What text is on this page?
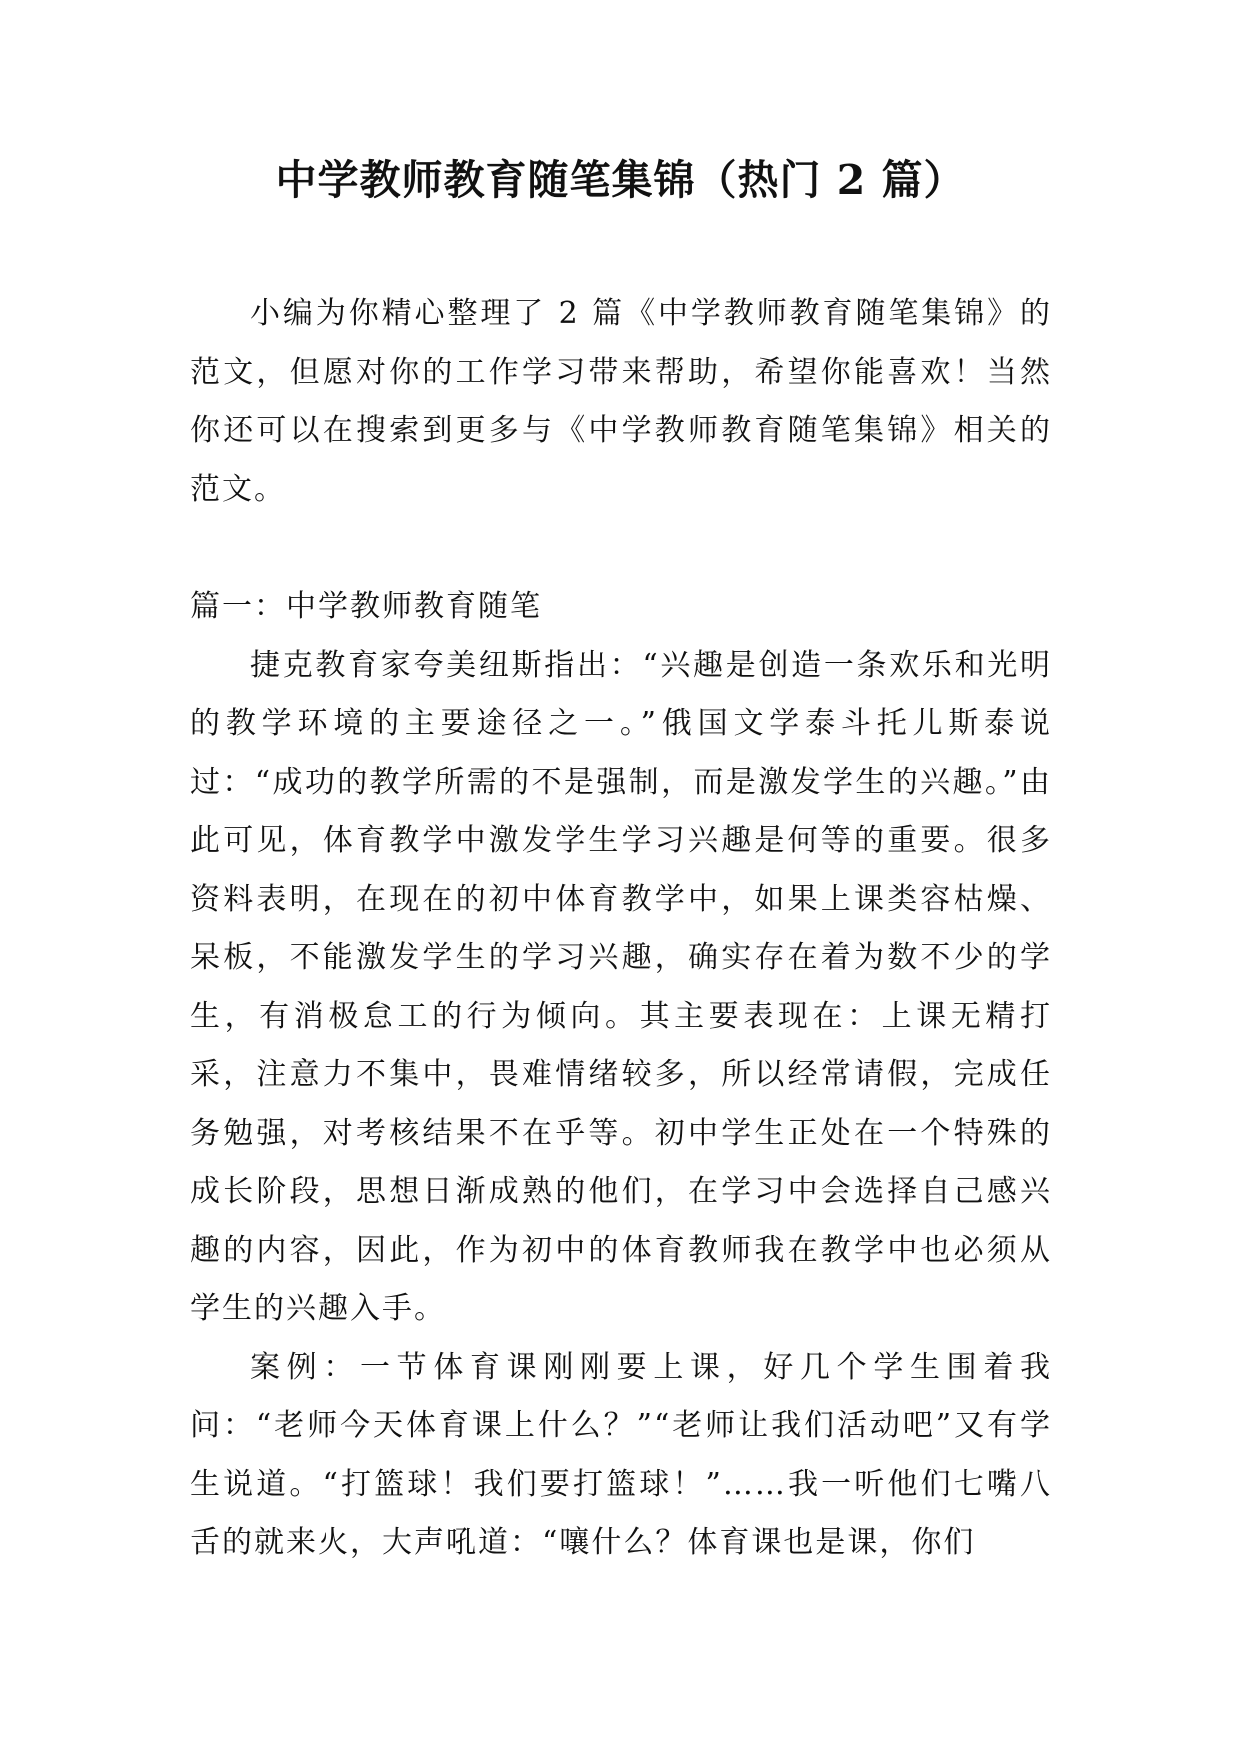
中学教师教育随笔集锦（热门 2 篇）

小编为你精心整理了 2 篇《中学教师教育随笔集锦》的范文，但愿对你的工作学习带来帮助，希望你能喜欢！当然你还可以在搜索到更多与《中学教师教育随笔集锦》相关的范文。

篇一：中学教师教育随笔

捷克教育家夸美纽斯指出：“兴趣是创造一条欢乐和光明的教学环境的主要途径之一。”俄国文学泰斗托儿斯泰说过：“成功的教学所需的不是强制，而是激发学生的兴趣。”由此可见，体育教学中激发学生学习兴趣是何等的重要。很多资料表明，在现在的初中体育教学中，如果上课类容枯燥、呆板，不能激发学生的学习兴趣，确实存在着为数不少的学生，有消极怠工的行为倾向。其主要表现在：上课无精打采，注意力不集中，畏难情绪较多，所以经常请假，完成任务勉强，对考核结果不在乎等。初中学生正处在一个特殊的成长阶段，思想日渐成熟的他们，在学习中会选择自己感兴趣的内容，因此，作为初中的体育教师我在教学中也必须从学生的兴趣入手。

案例：一节体育课刚刚要上课，好几个学生围着我问：“老师今天体育课上什么？”“老师让我们活动吧”又有学生说道。“打篮球！我们要打篮球！”……我一听他们七嘴八舌的就来火，大声吼道：“嚷什么？体育课也是课，你们
